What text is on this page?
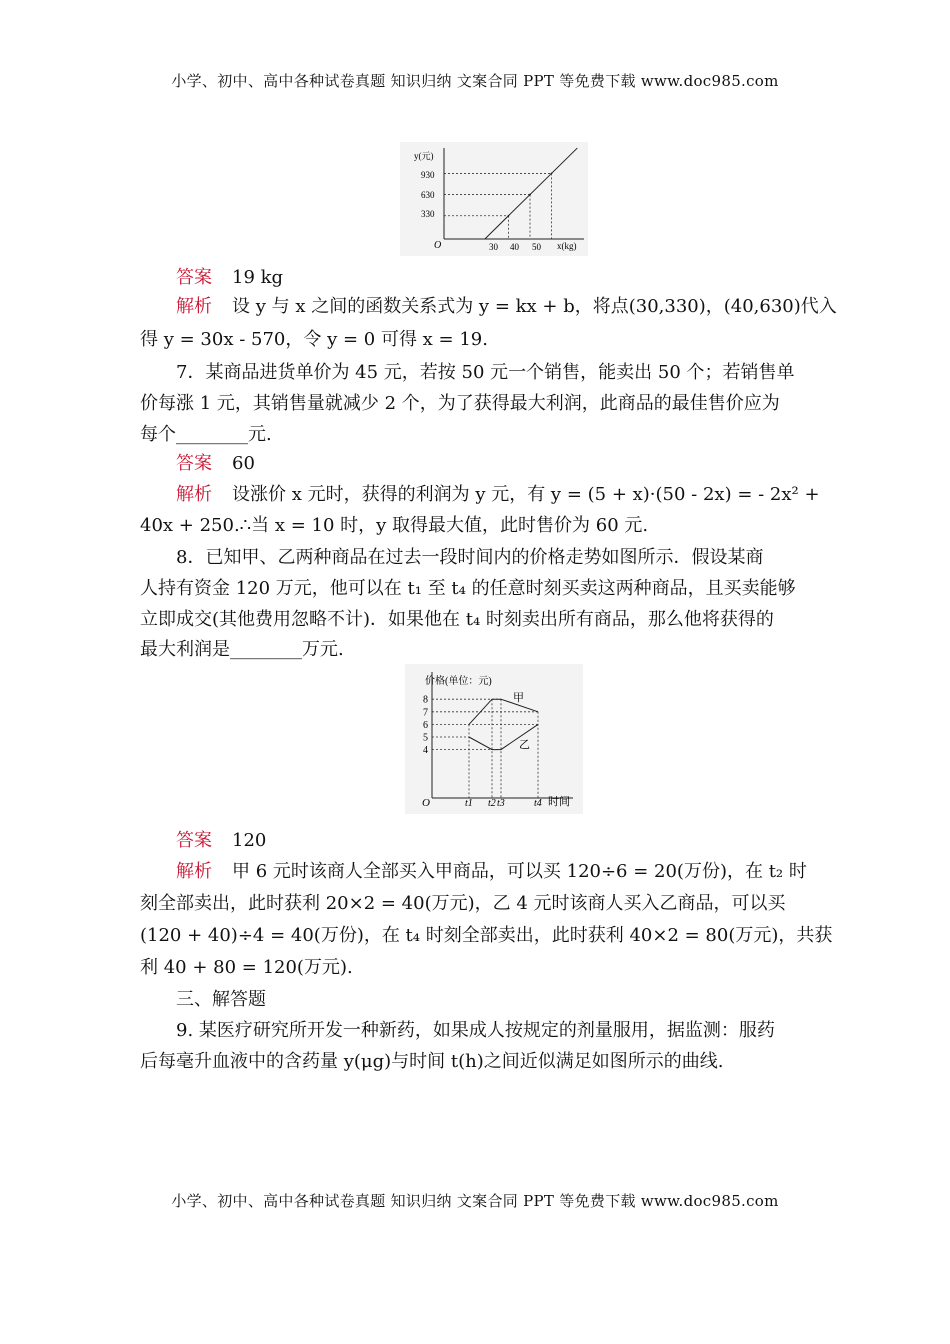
小学、初中、高中各种试卷真题 知识归纳 文案合同 PPT 等免费下载 www.doc985.com
y(元)
O	x(kg)
930
630
330
30 40 50
答案 19 kg
解析 设 y 与 x 之间的函数关系式为 y = kx + b，将点(30,330)，(40,630)代入
得 y = 30x - 570，令 y = 0 可得 x = 19.
7．某商品进货单价为 45 元，若按 50 元一个销售，能卖出 50 个；若销售单
价每涨 1 元，其销售量就减少 2 个，为了获得最大利润，此商品的最佳售价应为
每个________元.
答案 60
解析 设涨价 x 元时，获得的利润为 y 元，有 y = (5 + x)·(50 - 2x) = - 2x² +
40x + 250.∴当 x = 10 时，y 取得最大值，此时售价为 60 元.
8．已知甲、乙两种商品在过去一段时间内的价格走势如图所示．假设某商
人持有资金 120 万元，他可以在 t₁ 至 t₄ 的任意时刻买卖这两种商品，且买卖能够
立即成交(其他费用忽略不计)．如果他在 t₄ 时刻卖出所有商品，那么他将获得的
最大利润是________万元.
价格(单位：元)
O	时间
甲
乙
4
5
6
7
8
t1 t2 t3	t4
答案 120
解析 甲 6 元时该商人全部买入甲商品，可以买 120÷6 = 20(万份)，在 t₂ 时
刻全部卖出，此时获利 20×2 = 40(万元)，乙 4 元时该商人买入乙商品，可以买
(120 + 40)÷4 = 40(万份)，在 t₄ 时刻全部卖出，此时获利 40×2 = 80(万元)，共获
利 40 + 80 = 120(万元).
三、解答题
9. 某医疗研究所开发一种新药，如果成人按规定的剂量服用，据监测：服药
后每毫升血液中的含药量 y(μg)与时间 t(h)之间近似满足如图所示的曲线.
小学、初中、高中各种试卷真题 知识归纳 文案合同 PPT 等免费下载 www.doc985.com
